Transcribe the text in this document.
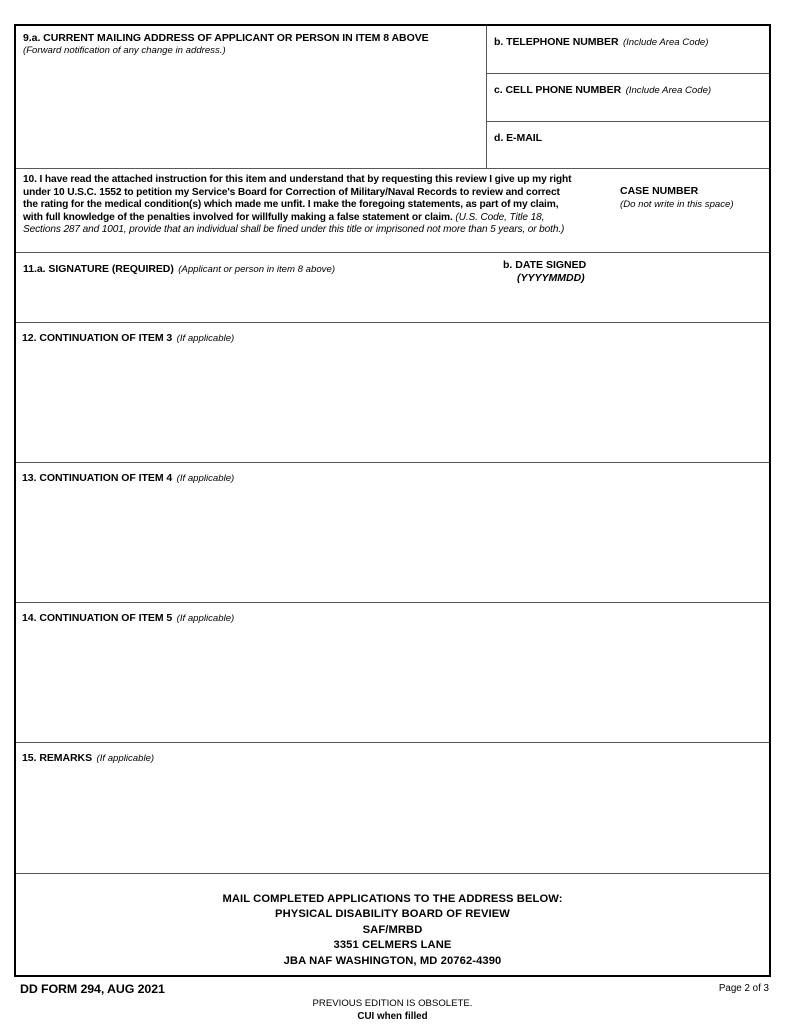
9.a. CURRENT MAILING ADDRESS OF APPLICANT OR PERSON IN ITEM 8 ABOVE
(Forward notification of any change in address.)
b. TELEPHONE NUMBER (Include Area Code)
c. CELL PHONE NUMBER (Include Area Code)
d. E-MAIL
10. I have read the attached instruction for this item and understand that by requesting this review I give up my right
under 10 U.S.C. 1552 to petition my Service's Board for Correction of Military/Naval Records to review and correct
the rating for the medical condition(s) which made me unfit. I make the foregoing statements, as part of my claim,
with full knowledge of the penalties involved for willfully making a false statement or claim. (U.S. Code, Title 18,
Sections 287 and 1001, provide that an individual shall be fined under this title or imprisoned not more than 5 years, or both.)
CASE NUMBER
(Do not write in this space)
11.a. SIGNATURE (REQUIRED) (Applicant or person in item 8 above)	b. DATE SIGNED
(YYYYMMDD)
12. CONTINUATION OF ITEM 3 (If applicable)
13. CONTINUATION OF ITEM 4 (If applicable)
14. CONTINUATION OF ITEM 5 (If applicable)
15. REMARKS (If applicable)
MAIL COMPLETED APPLICATIONS TO THE ADDRESS BELOW:
PHYSICAL DISABILITY BOARD OF REVIEW
SAF/MRBD
3351 CELMERS LANE
JBA NAF WASHINGTON, MD 20762-4390
DD FORM 294, AUG 2021	Page 2 of 3
PREVIOUS EDITION IS OBSOLETE.
CUI when filled
